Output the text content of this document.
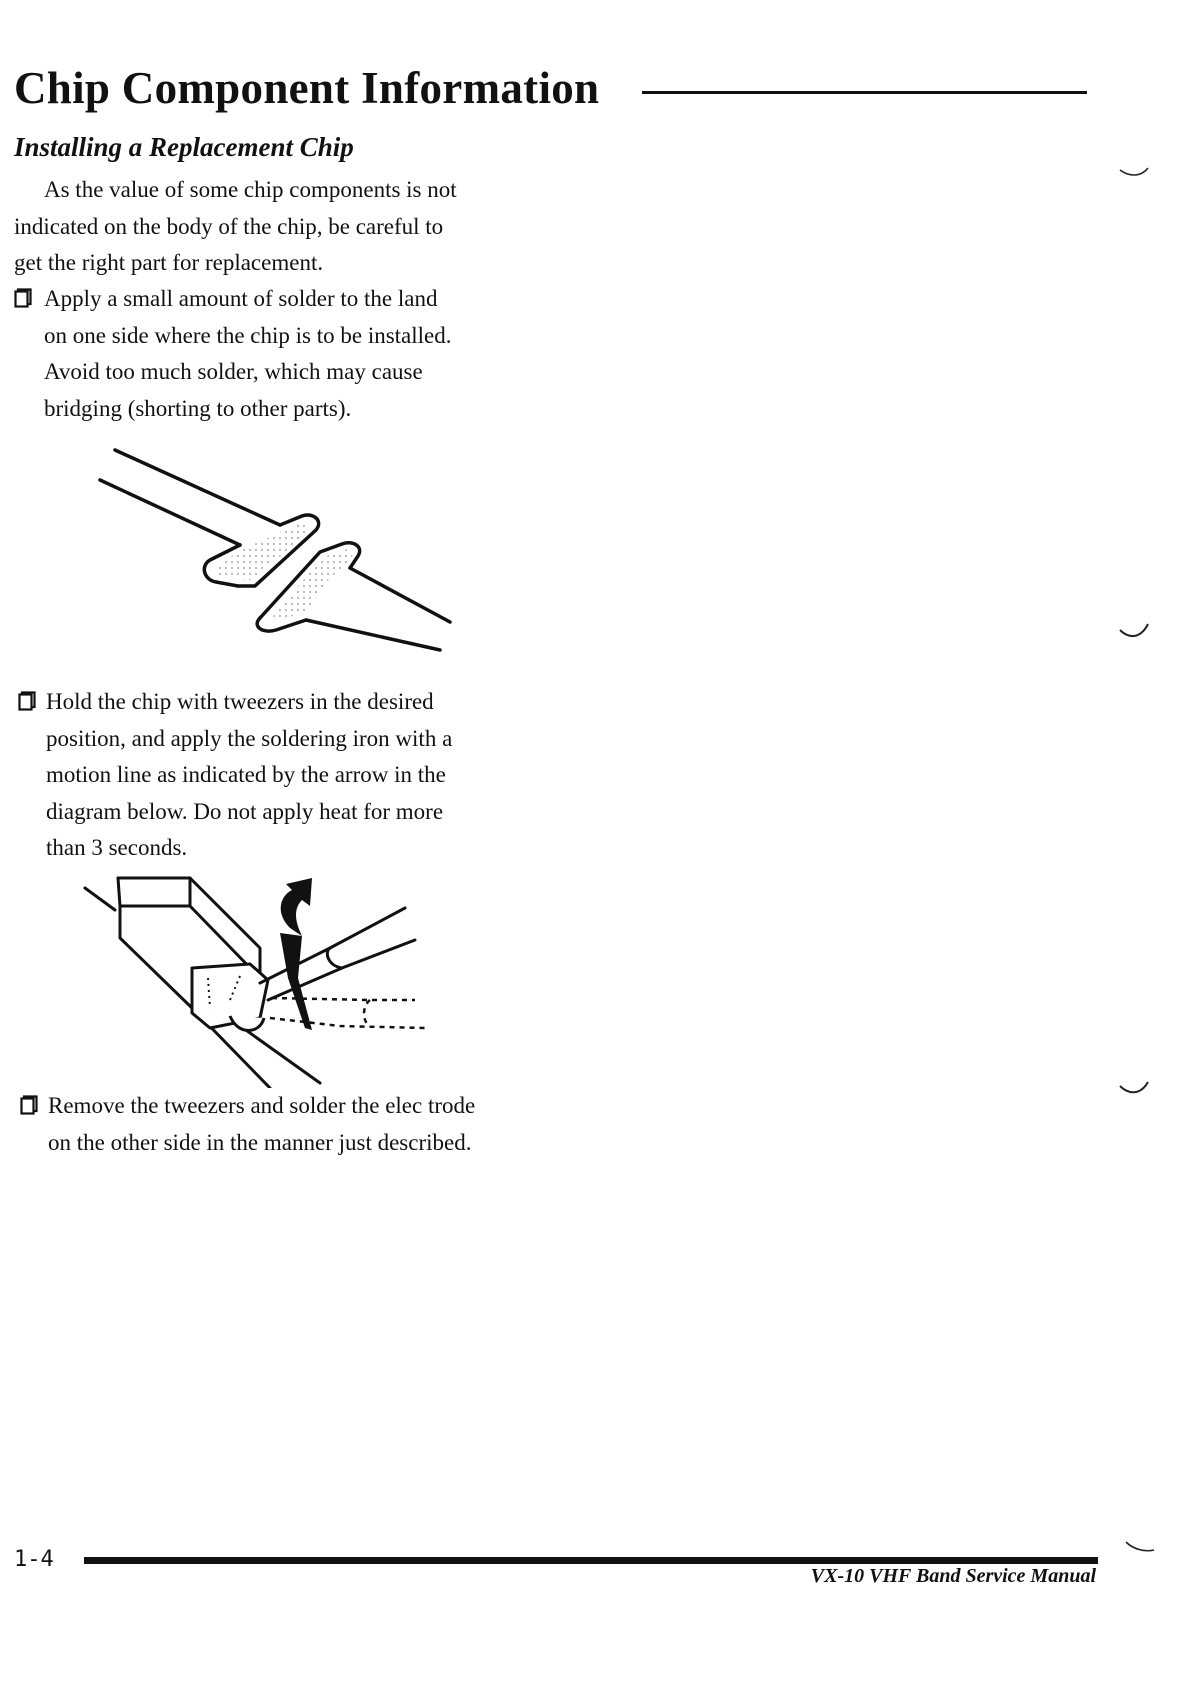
Chip Component Information
Installing a Replacement Chip
As the value of some chip components is not
indicated on the body of the chip, be careful to
get the right part for replacement.
Apply a small amount of solder to the land
on one side where the chip is to be installed.
Avoid too much solder, which may cause
bridging (shorting to other parts).
Hold the chip with tweezers in the desired
position, and apply the soldering iron with a
motion line as indicated by the arrow in the
diagram below. Do not apply heat for more
than 3 seconds.
Remove the tweezers and solder the elec trode
on the other side in the manner just described.
1-4
VX-10 VHF Band Service Manual
